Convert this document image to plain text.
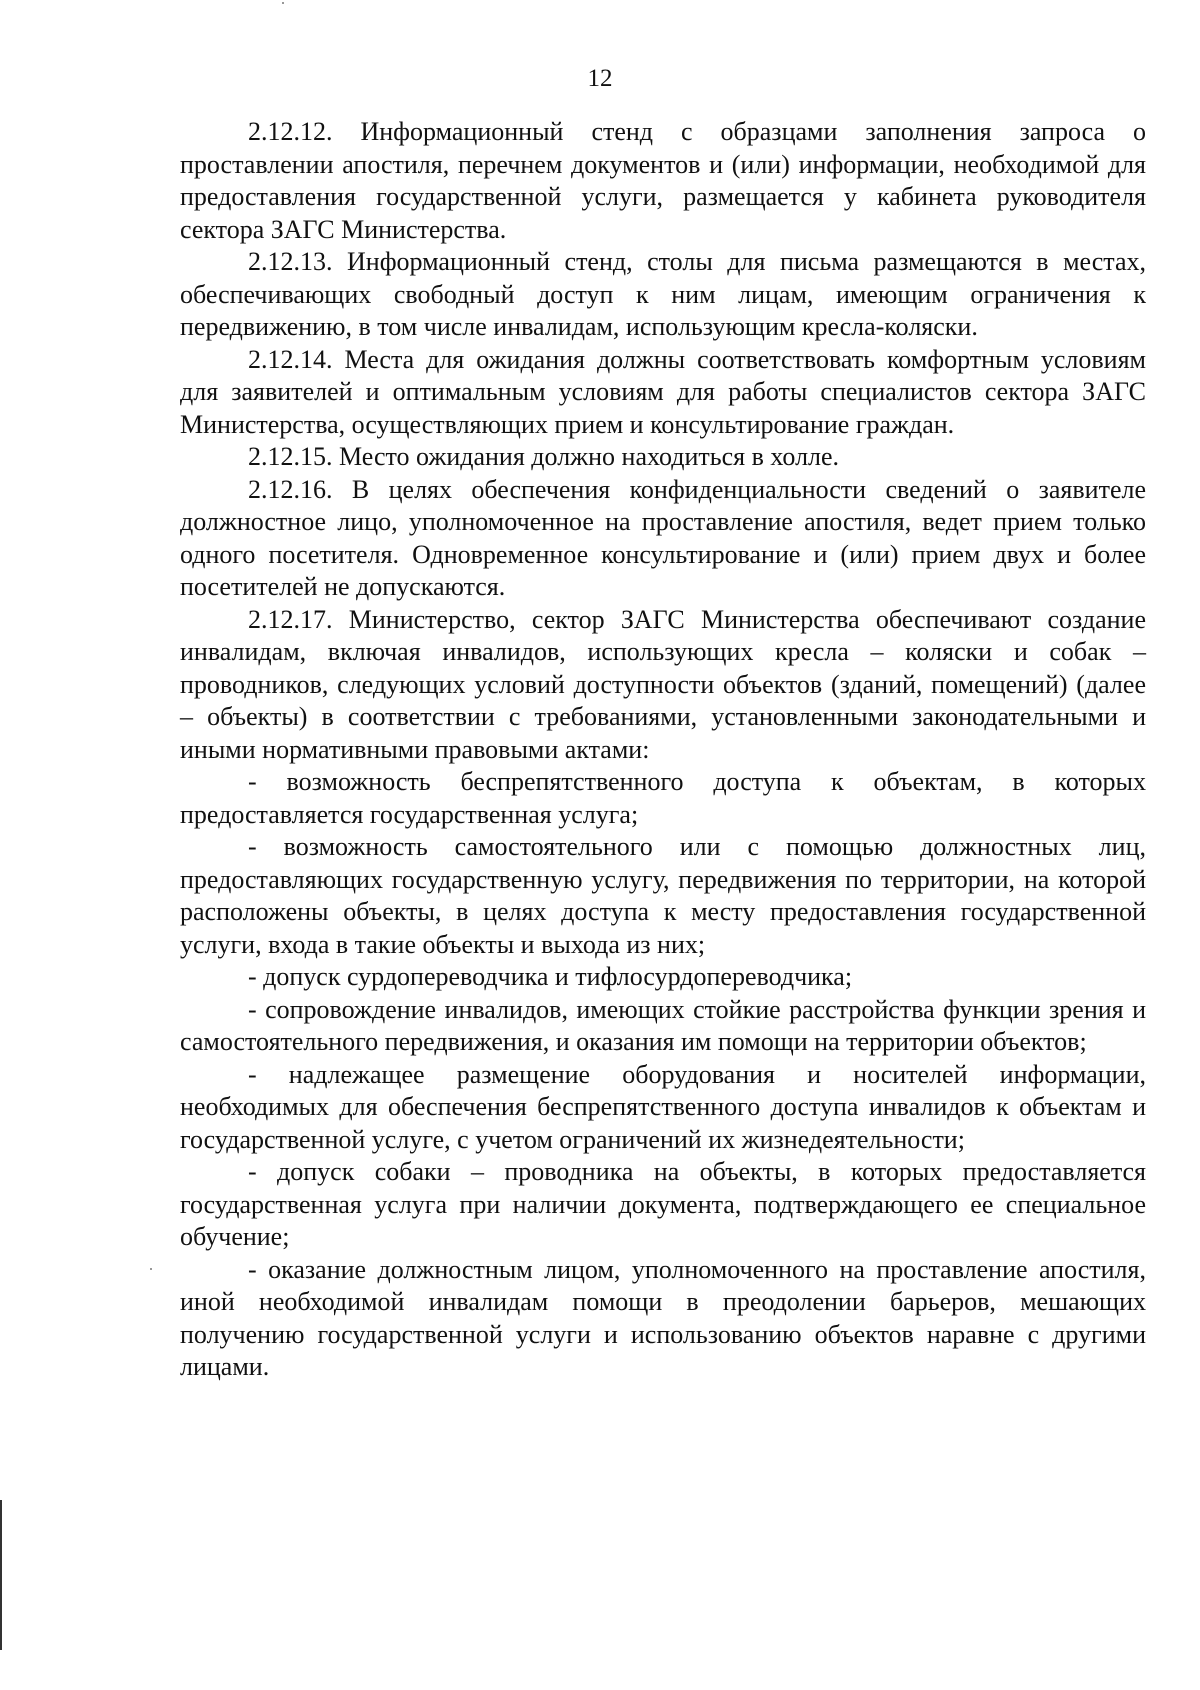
12

2.12.12. Информационный стенд с образцами заполнения запроса о проставлении апостиля, перечнем документов и (или) информации, необходимой для предоставления государственной услуги, размещается у кабинета руководителя сектора ЗАГС Министерства.

2.12.13. Информационный стенд, столы для письма размещаются в местах, обеспечивающих свободный доступ к ним лицам, имеющим ограничения к передвижению, в том числе инвалидам, использующим кресла-коляски.

2.12.14. Места для ожидания должны соответствовать комфортным условиям для заявителей и оптимальным условиям для работы специалистов сектора ЗАГС Министерства, осуществляющих прием и консультирование граждан.

2.12.15. Место ожидания должно находиться в холле.

2.12.16. В целях обеспечения конфиденциальности сведений о заявителе должностное лицо, уполномоченное на проставление апостиля, ведет прием только одного посетителя. Одновременное консультирование и (или) прием двух и более посетителей не допускаются.

2.12.17. Министерство, сектор ЗАГС Министерства обеспечивают создание инвалидам, включая инвалидов, использующих кресла – коляски и собак – проводников, следующих условий доступности объектов (зданий, помещений) (далее – объекты) в соответствии с требованиями, установленными законодательными и иными нормативными правовыми актами:

- возможность беспрепятственного доступа к объектам, в которых предоставляется государственная услуга;

- возможность самостоятельного или с помощью должностных лиц, предоставляющих государственную услугу, передвижения по территории, на которой расположены объекты, в целях доступа к месту предоставления государственной услуги, входа в такие объекты и выхода из них;

- допуск сурдопереводчика и тифлосурдопереводчика;

- сопровождение инвалидов, имеющих стойкие расстройства функции зрения и самостоятельного передвижения, и оказания им помощи на территории объектов;

- надлежащее размещение оборудования и носителей информации, необходимых для обеспечения беспрепятственного доступа инвалидов к объектам и государственной услуге, с учетом ограничений их жизнедеятельности;

- допуск собаки – проводника на объекты, в которых предоставляется государственная услуга при наличии документа, подтверждающего ее специальное обучение;

- оказание должностным лицом, уполномоченного на проставление апостиля, иной необходимой инвалидам помощи в преодолении барьеров, мешающих получению государственной услуги и использованию объектов наравне с другими лицами.
